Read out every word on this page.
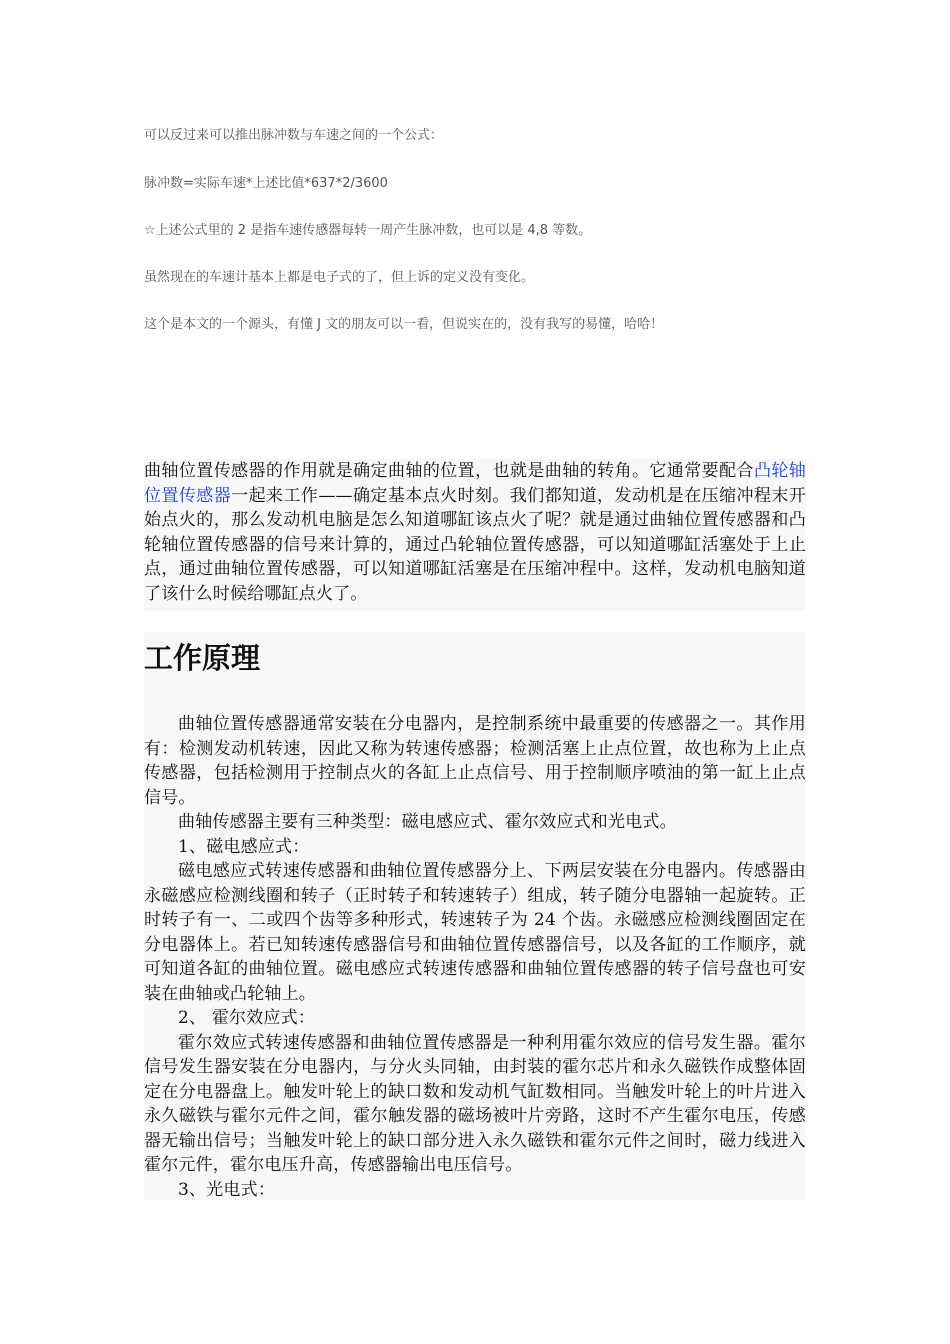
可以反过来可以推出脉冲数与车速之间的一个公式：

脉冲数=实际车速*上述比值*637*2/3600

☆上述公式里的 2 是指车速传感器每转一周产生脉冲数，也可以是 4,8 等数。

虽然现在的车速计基本上都是电子式的了，但上诉的定义没有变化。

这个是本文的一个源头，有懂 J 文的朋友可以一看，但说实在的，没有我写的易懂，哈哈！

曲轴位置传感器的作用就是确定曲轴的位置，也就是曲轴的转角。它通常要配合凸轮轴位置传感器一起来工作——确定基本点火时刻。我们都知道，发动机是在压缩冲程末开始点火的，那么发动机电脑是怎么知道哪缸该点火了呢？就是通过曲轴位置传感器和凸轮轴位置传感器的信号来计算的，通过凸轮轴位置传感器，可以知道哪缸活塞处于上止点，通过曲轴位置传感器，可以知道哪缸活塞是在压缩冲程中。这样，发动机电脑知道了该什么时候给哪缸点火了。

工作原理

曲轴位置传感器通常安装在分电器内，是控制系统中最重要的传感器之一。其作用有：检测发动机转速，因此又称为转速传感器；检测活塞上止点位置，故也称为上止点传感器，包括检测用于控制点火的各缸上止点信号、用于控制顺序喷油的第一缸上止点信号。

曲轴传感器主要有三种类型：磁电感应式、霍尔效应式和光电式。

1、磁电感应式：

磁电感应式转速传感器和曲轴位置传感器分上、下两层安装在分电器内。传感器由永磁感应检测线圈和转子（正时转子和转速转子）组成，转子随分电器轴一起旋转。正时转子有一、二或四个齿等多种形式，转速转子为 24 个齿。永磁感应检测线圈固定在分电器体上。若已知转速传感器信号和曲轴位置传感器信号，以及各缸的工作顺序，就可知道各缸的曲轴位置。磁电感应式转速传感器和曲轴位置传感器的转子信号盘也可安装在曲轴或凸轮轴上。

2、 霍尔效应式：

霍尔效应式转速传感器和曲轴位置传感器是一种利用霍尔效应的信号发生器。霍尔信号发生器安装在分电器内，与分火头同轴，由封装的霍尔芯片和永久磁铁作成整体固定在分电器盘上。触发叶轮上的缺口数和发动机气缸数相同。当触发叶轮上的叶片进入永久磁铁与霍尔元件之间，霍尔触发器的磁场被叶片旁路，这时不产生霍尔电压，传感器无输出信号；当触发叶轮上的缺口部分进入永久磁铁和霍尔元件之间时，磁力线进入霍尔元件，霍尔电压升高，传感器输出电压信号。

3、光电式：
